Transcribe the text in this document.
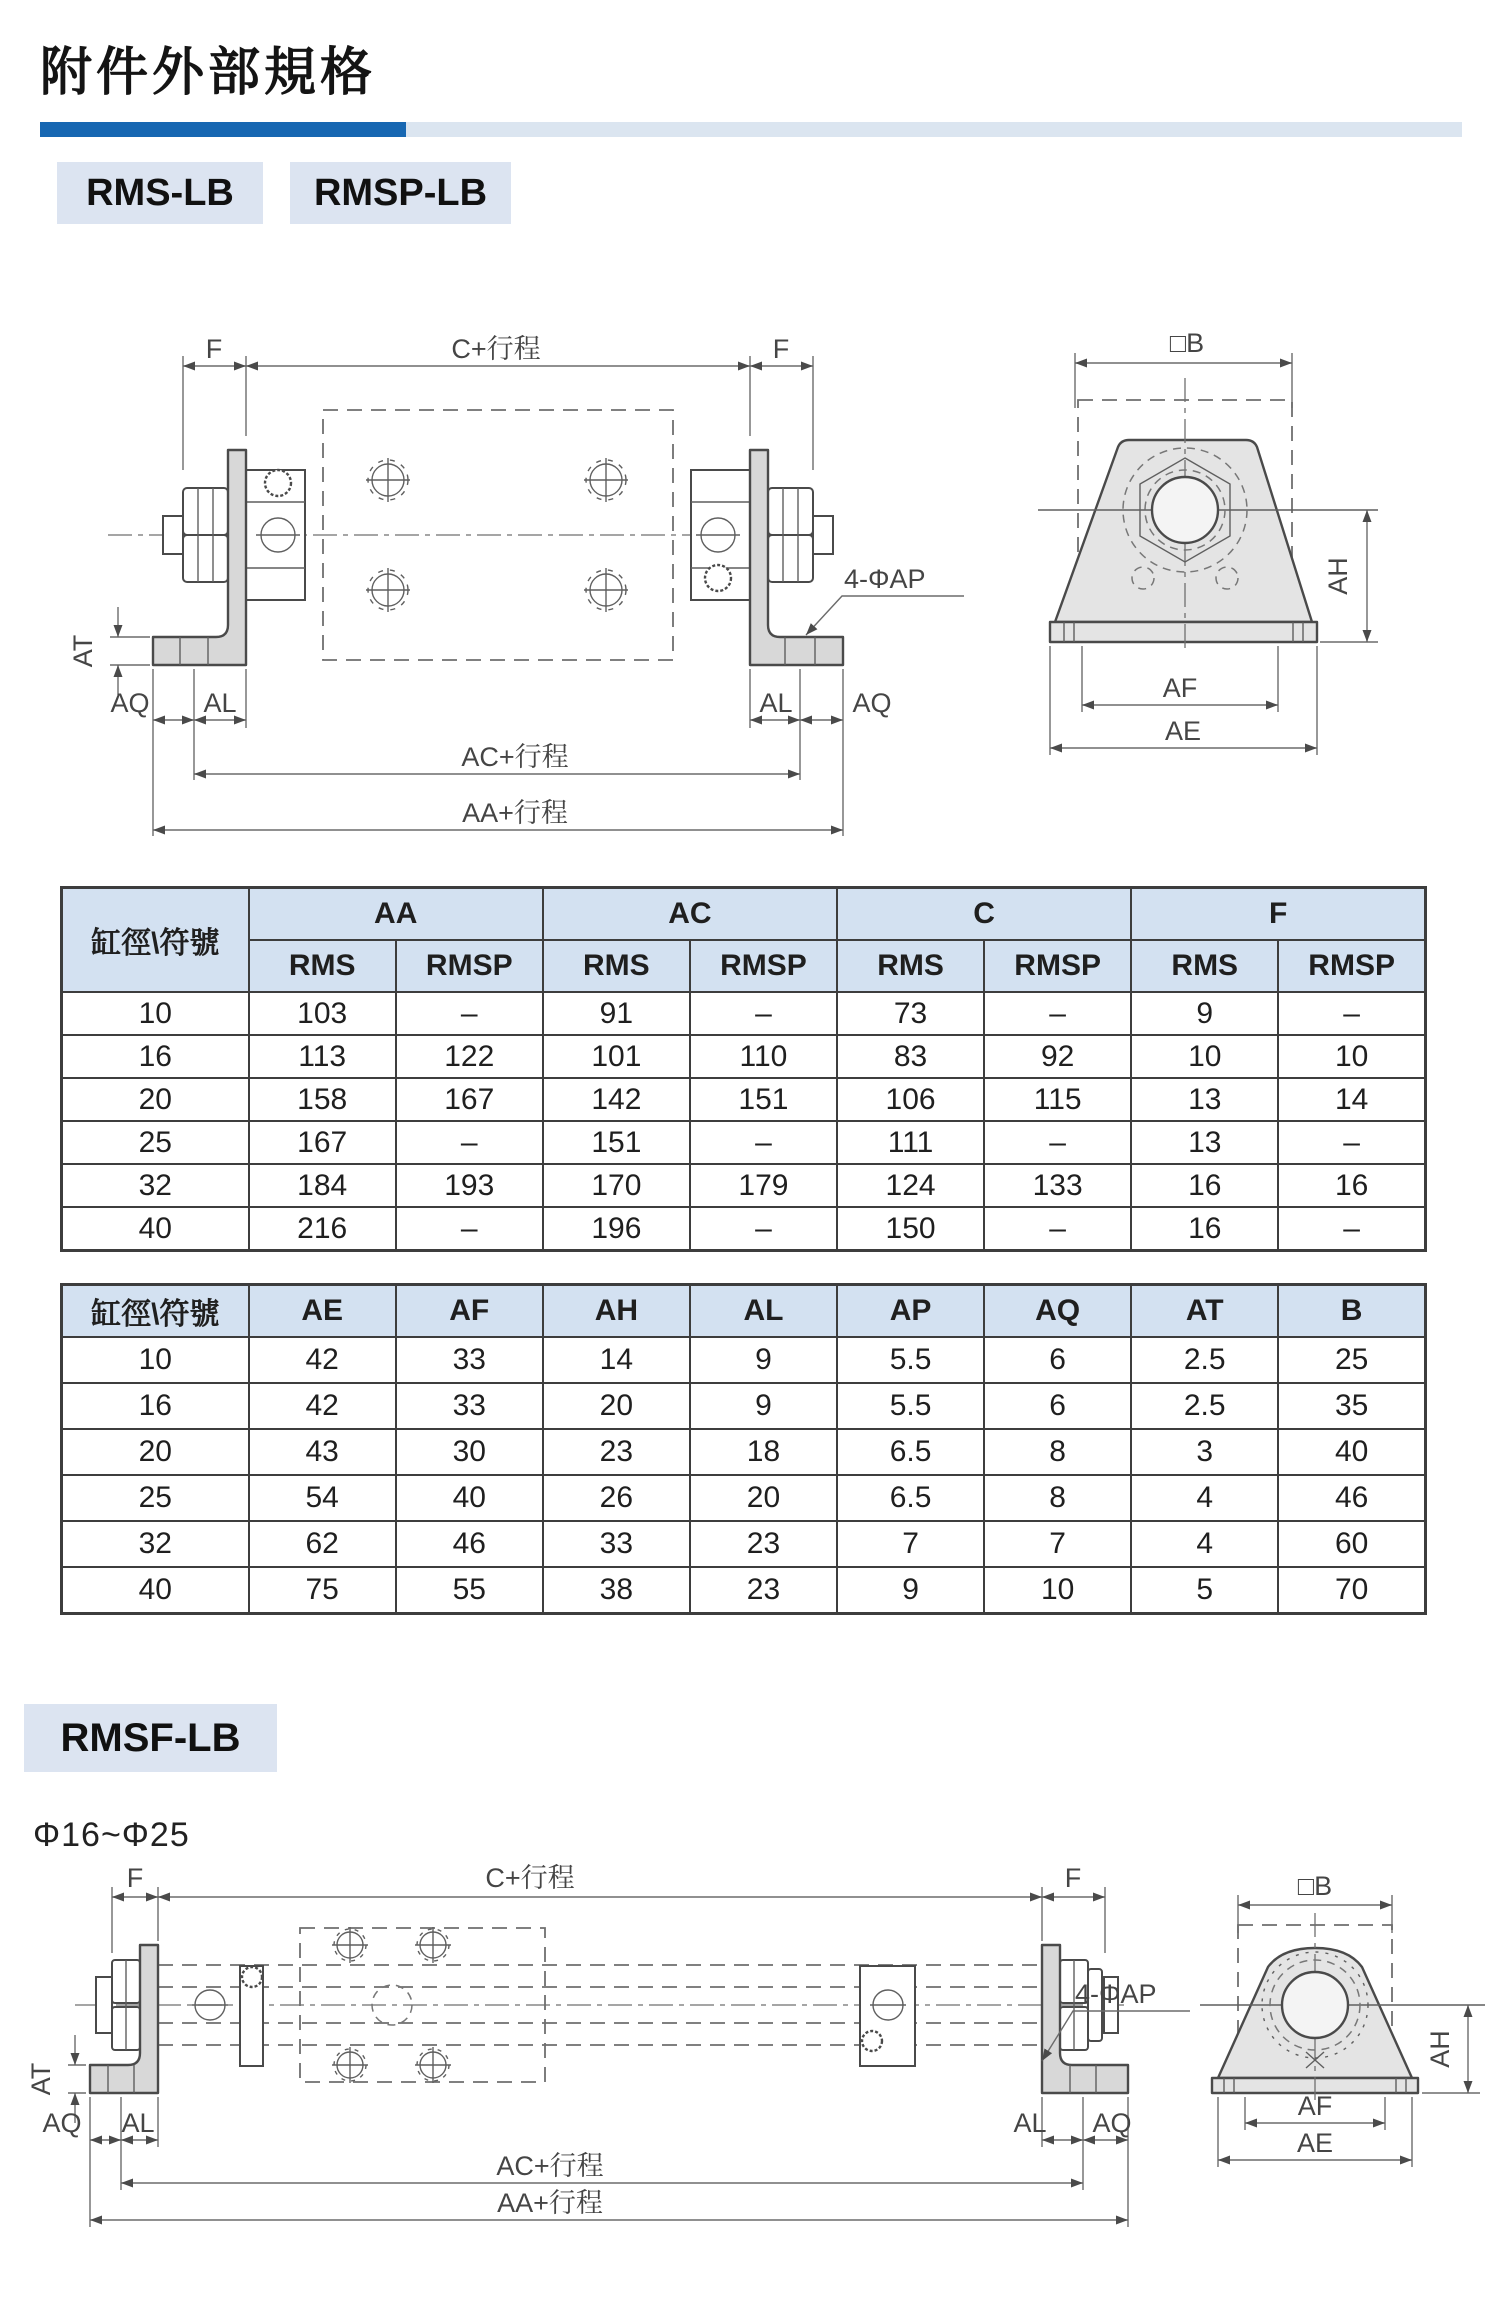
附件外部規格
RMS-LB	RMSP-LB
F	C+行程	F
AT
AQ AL	AL AQ
4-ΦAP
AC+行程
AA+行程
□B
AH
AF
AE
缸徑\符號	AA		AC		C		F	
	RMS	RMSP	RMS	RMSP	RMS	RMSP	RMS	RMSP
10	103	–	91	–	73	–	9	–
16	113	122	101	110	83	92	10	10
20	158	167	142	151	106	115	13	14
25	167	–	151	–	111	–	13	–
32	184	193	170	179	124	133	16	16
40	216	–	196	–	150	–	16	–
缸徑\符號	AE	AF	AH	AL	AP	AQ	AT	B
10	42	33	14	9	5.5	6	2.5	25
16	42	33	20	9	5.5	6	2.5	35
20	43	30	23	18	6.5	8	3	40
25	54	40	26	20	6.5	8	4	46
32	62	46	33	23	7	7	4	60
40	75	55	38	23	9	10	5	70
RMSF-LB
Φ16~Φ25
F	C+行程	F
AT
AQ AL	AL AQ
4-ΦAP
AC+行程
AA+行程
□B
AH
AF
AE
